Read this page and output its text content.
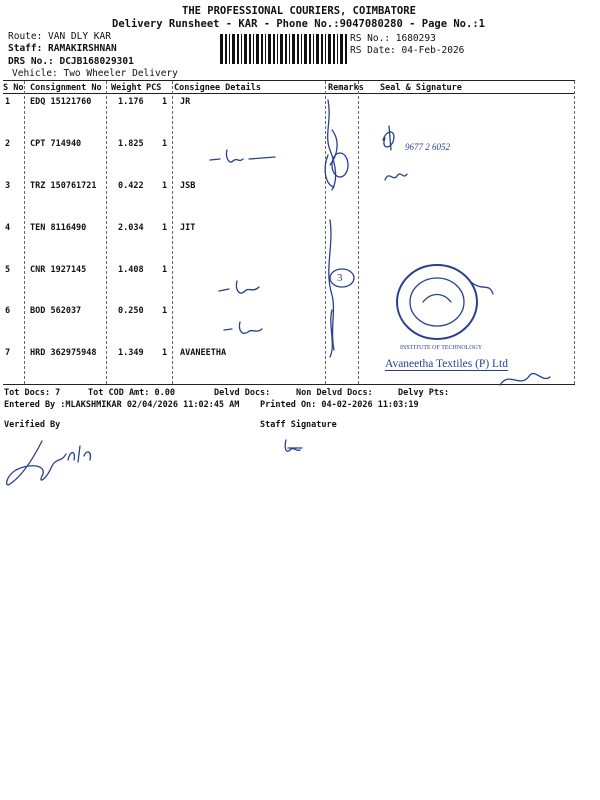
THE PROFESSIONAL COURIERS, COIMBATORE
Delivery Runsheet - KAR - Phone No.:9047080280 - Page No.:1
Route: VAN DLY KAR
Staff: RAMAKIRSHNAN
DRS No.: DCJB168029301
Vehicle: Two Wheeler Delivery
RS No.: 1680293
RS Date: 04-Feb-2026
S No Consignment No Weight PCS Consignee Details	Remarks Seal & Signature
1 EDQ 15121760	1.176 1 JR
2 CPT 714940	1.825 1
3 TRZ 150761721	0.422 1 JSB
4 TEN 8116490	2.034 1 JIT
5 CNR 1927145	1.408 1
6 BOD 562037	0.250 1
7 HRD 362975948	1.349 1 AVANEETHA
3
9677 2 6052
INSTITUTE OF TECHNOLOGY
Avaneetha Textiles (P) Ltd
Tot Docs: 7	Tot COD Amt: 0.00	Delvd Docs:	Non Delvd Docs:	Delvy Pts:
Entered By :MLAKSHMIKAR 02/04/2026 11:02:45 AM Printed On: 04-02-2026 11:03:19
Verified By	Staff Signature
